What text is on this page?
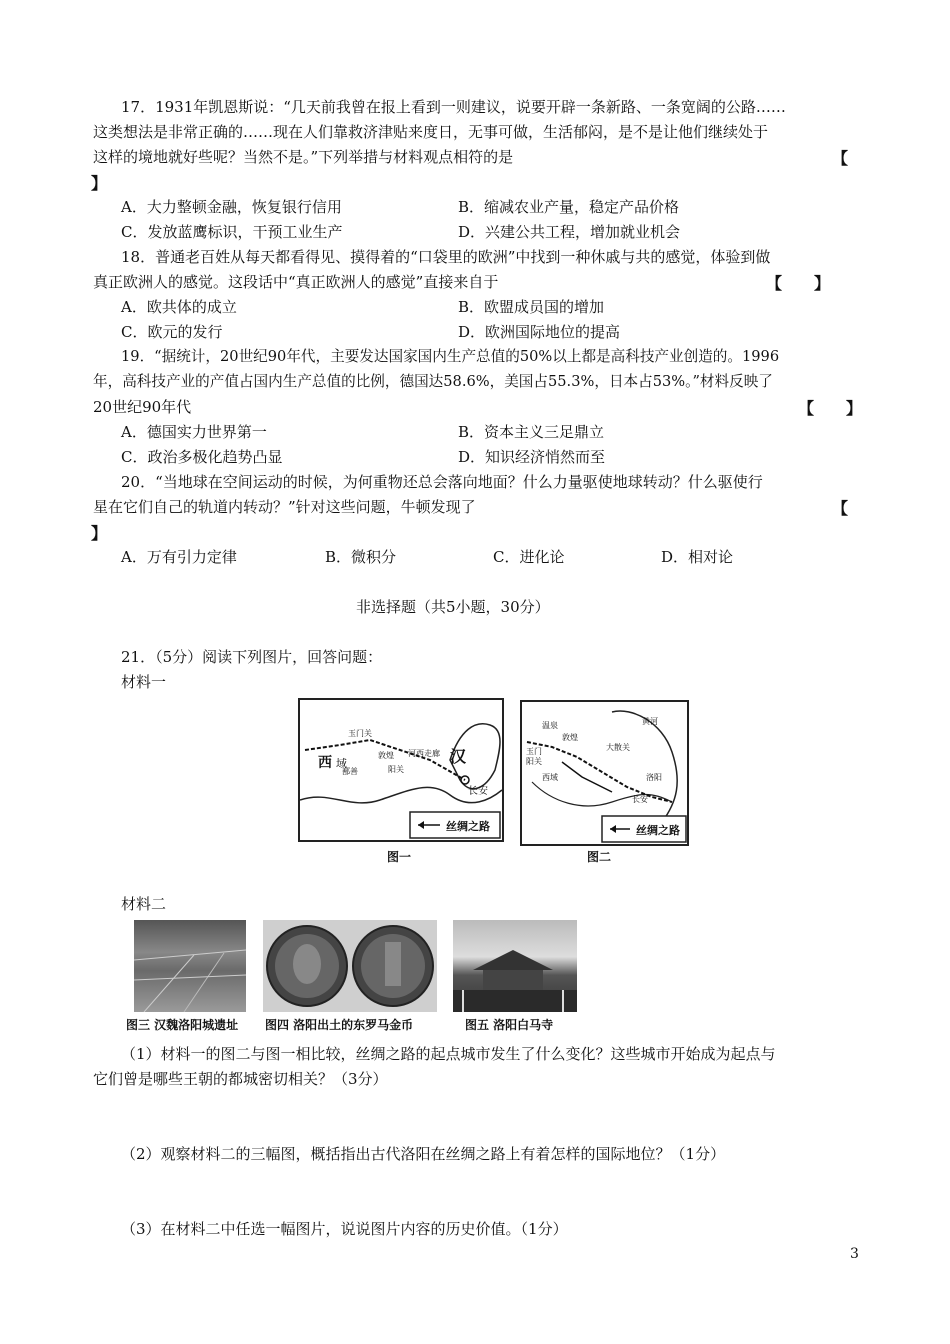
17．1931年凯恩斯说：“几天前我曾在报上看到一则建议，说要开辟一条新路、一条宽阔的公路……
这类想法是非常正确的……现在人们靠救济津贴来度日，无事可做，生活郁闷，是不是让他们继续处于
这样的境地就好些呢？当然不是。”下列举措与材料观点相符的是	【
】
A．大力整顿金融，恢复银行信用	B．缩减农业产量，稳定产品价格
C．发放蓝鹰标识，干预工业生产	D．兴建公共工程，增加就业机会
18．普通老百姓从每天都看得见、摸得着的“口袋里的欧洲”中找到一种休戚与共的感觉，体验到做
真正欧洲人的感觉。这段话中“真正欧洲人的感觉”直接来自于	【　　】
A．欧共体的成立	B．欧盟成员国的增加
C．欧元的发行	D．欧洲国际地位的提高
19．“据统计，20世纪90年代，主要发达国家国内生产总值的50%以上都是高科技产业创造的。1996
年，高科技产业的产值占国内生产总值的比例，德国达58.6%，美国占55.3%，日本占53%。”材料反映了
20世纪90年代	【　　】
A．德国实力世界第一	B．资本主义三足鼎立
C．政治多极化趋势凸显	D．知识经济悄然而至
20．“当地球在空间运动的时候，为何重物还总会落向地面？什么力量驱使地球转动？什么驱使行
星在它们自己的轨道内转动？”针对这些问题，牛顿发现了	【
】
A．万有引力定律	B．微积分	C．进化论	D．相对论
非选择题（共5小题，30分）
21．（5分）阅读下列图片，回答问题：
材料一
玉门关
敦煌
阳关
河西走廊
西 域	汉
长安
鄯善
丝绸之路
图一
温泉
敦煌
玉门
阳关
西域	洛阳
长安
黄河
大散关
丝绸之路
图二
材料二
图三 汉魏洛阳城遗址 图四 洛阳出土的东罗马金币	图五 洛阳白马寺
（1）材料一的图二与图一相比较，丝绸之路的起点城市发生了什么变化？这些城市开始成为起点与
它们曾是哪些王朝的都城密切相关？（3分）
（2）观察材料二的三幅图，概括指出古代洛阳在丝绸之路上有着怎样的国际地位？（1分）
（3）在材料二中任选一幅图片，说说图片内容的历史价值。（1分）
3
